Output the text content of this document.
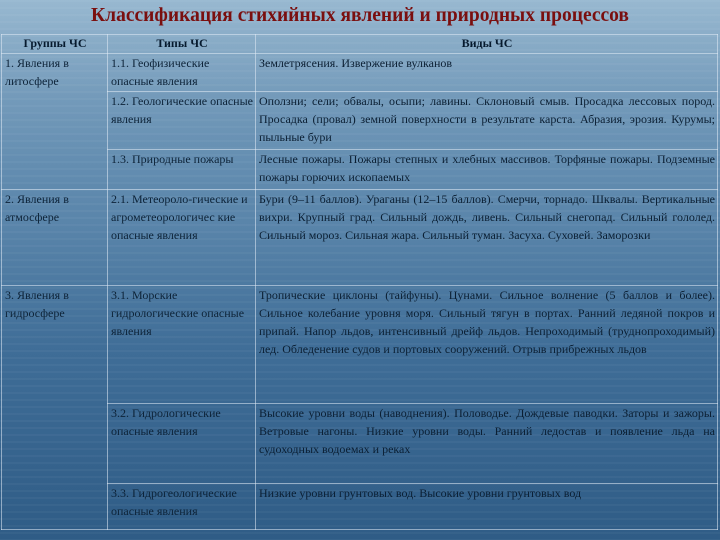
Классификация стихийных явлений и природных процессов
Группы ЧС	Типы ЧС	Виды ЧС
1. Явления в литосфере	1.1. Геофизические опасные явления	Землетрясения. Извержение вулканов
	1.2. Геологические опасные явления	Оползни; сели; обвалы, осыпи; лавины. Склоновый смыв. Просадка лессовых пород. Просадка (провал) земной поверхности в результате карста. Абразия, эрозия. Курумы; пыльные бури
	1.3. Природные пожары	Лесные пожары. Пожары степных и хлебных массивов. Торфяные пожары. Подземные пожары горючих ископаемых
2. Явления в атмосфере	2.1. Метеороло-гические и агрометеорологичес кие опасные явления	Бури (9–11 баллов). Ураганы (12–15 баллов). Смерчи, торнадо. Шквалы. Вертикальные вихри. Крупный град. Сильный дождь, ливень. Сильный снегопад. Сильный гололед. Сильный мороз. Сильная жара. Сильный туман. Засуха. Суховей. Заморозки
3. Явления в гидросфере	3.1. Морские гидрологические опасные явления	Тропические циклоны (тайфуны). Цунами. Сильное волнение (5 баллов и более). Сильное колебание уровня моря. Сильный тягун в портах. Ранний ледяной покров и припай. Напор льдов, интенсивный дрейф льдов. Непроходимый (труднопроходимый) лед. Обледенение судов и портовых сооружений. Отрыв прибрежных льдов
	3.2. Гидрологические опасные явления	Высокие уровни воды (наводнения). Половодье. Дождевые паводки. Заторы и зажоры. Ветровые нагоны. Низкие уровни воды. Ранний ледостав и появление льда на судоходных водоемах и реках
	3.3. Гидрогеологические опасные явления	Низкие уровни грунтовых вод. Высокие уровни грунтовых вод
